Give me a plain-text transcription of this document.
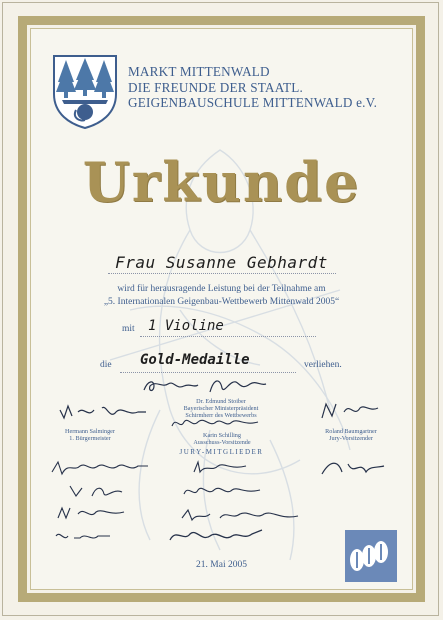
MARKT MITTENWALD
DIE FREUNDE DER STAATL.
GEIGENBAUSCHULE MITTENWALD e.V.
Urkunde
Frau Susanne Gebhardt
wird für herausragende Leistung bei der Teilnahme am
„5. Internationalen Geigenbau-Wettbewerb Mittenwald 2005“
mit 1 Violine
die Gold-Medaille	verliehen.
Dr. Edmund Stoiber
Bayerischer Ministerpräsident
Schirmherr des Wettbewerbs
Hermann Salminger
1. Bürgermeister	Karin Schilling
Ausschuss-Vorsitzende
Roland Baumgartner
Jury-Vorsitzender
JURY-MITGLIEDER
21. Mai 2005
